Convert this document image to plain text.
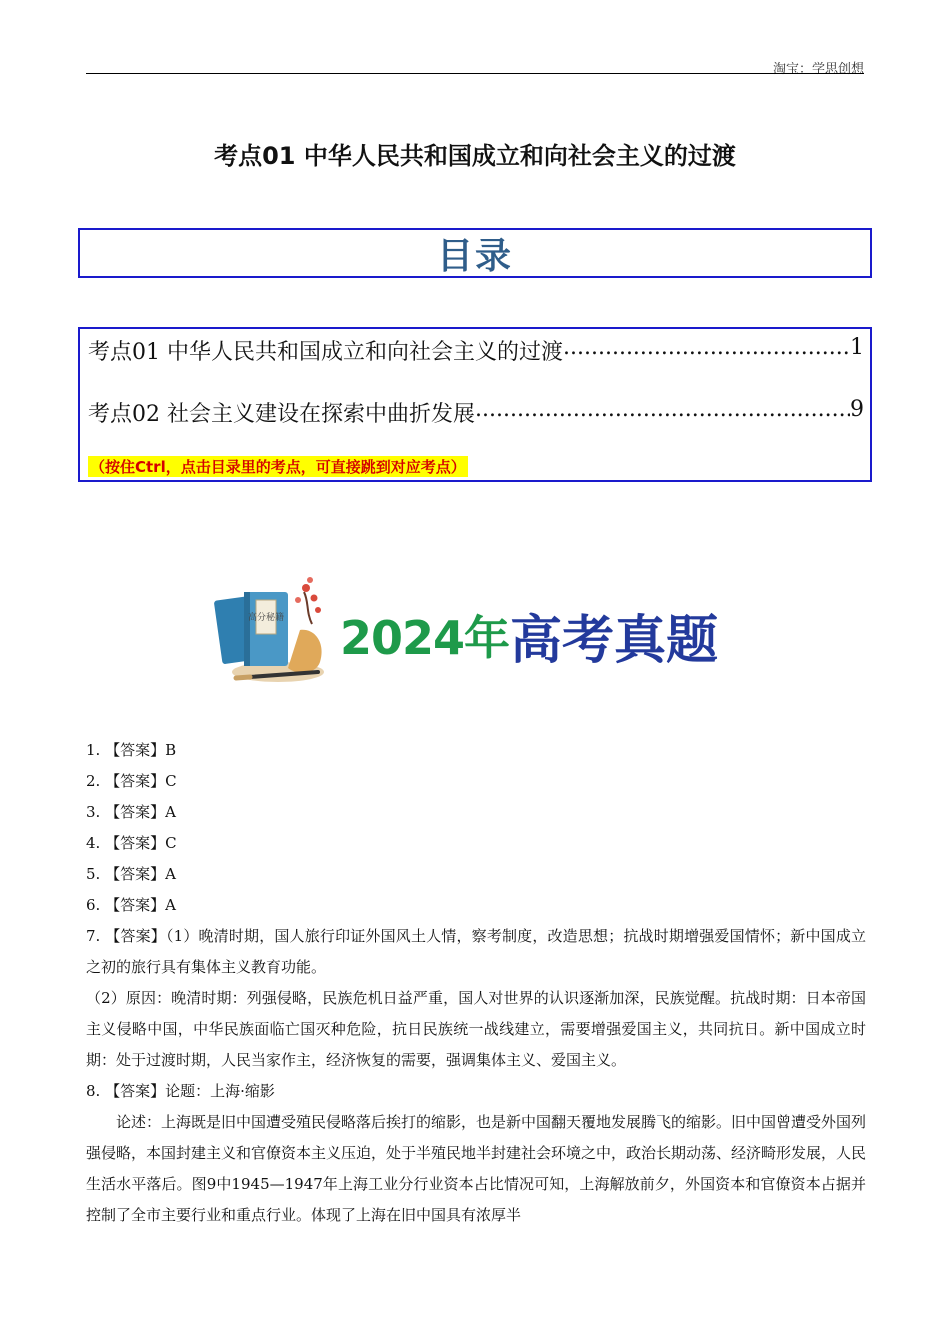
淘宝：学思创想
考点01 中华人民共和国成立和向社会主义的过渡
目录
考点01 中华人民共和国成立和向社会主义的过渡 .....	1
考点02 社会主义建设在探索中曲折发展 .....	9
（按住Ctrl，点击目录里的考点，可直接跳到对应考点）
高分秘籍 2024年 高考真题
1. 【答案】B
2. 【答案】C
3. 【答案】A
4. 【答案】C
5. 【答案】A
6. 【答案】A
7. 【答案】（1）晚清时期，国人旅行印证外国风土人情，察考制度，改造思想；抗战时期增强爱国情怀；新中国成立之初的旅行具有集体主义教育功能。
（2）原因：晚清时期：列强侵略，民族危机日益严重，国人对世界的认识逐渐加深，民族觉醒。抗战时期：日本帝国主义侵略中国，中华民族面临亡国灭种危险，抗日民族统一战线建立，需要增强爱国主义，共同抗日。新中国成立时期：处于过渡时期，人民当家作主，经济恢复的需要，强调集体主义、爱国主义。
8. 【答案】论题：上海·缩影
论述：上海既是旧中国遭受殖民侵略落后挨打的缩影，也是新中国翻天覆地发展腾飞的缩影。旧中国曾遭受外国列强侵略，本国封建主义和官僚资本主义压迫，处于半殖民地半封建社会环境之中，政治长期动荡、经济畸形发展，人民生活水平落后。图9中1945—1947年上海工业分行业资本占比情况可知，上海解放前夕，外国资本和官僚资本占据并控制了全市主要行业和重点行业。体现了上海在旧中国具有浓厚半
